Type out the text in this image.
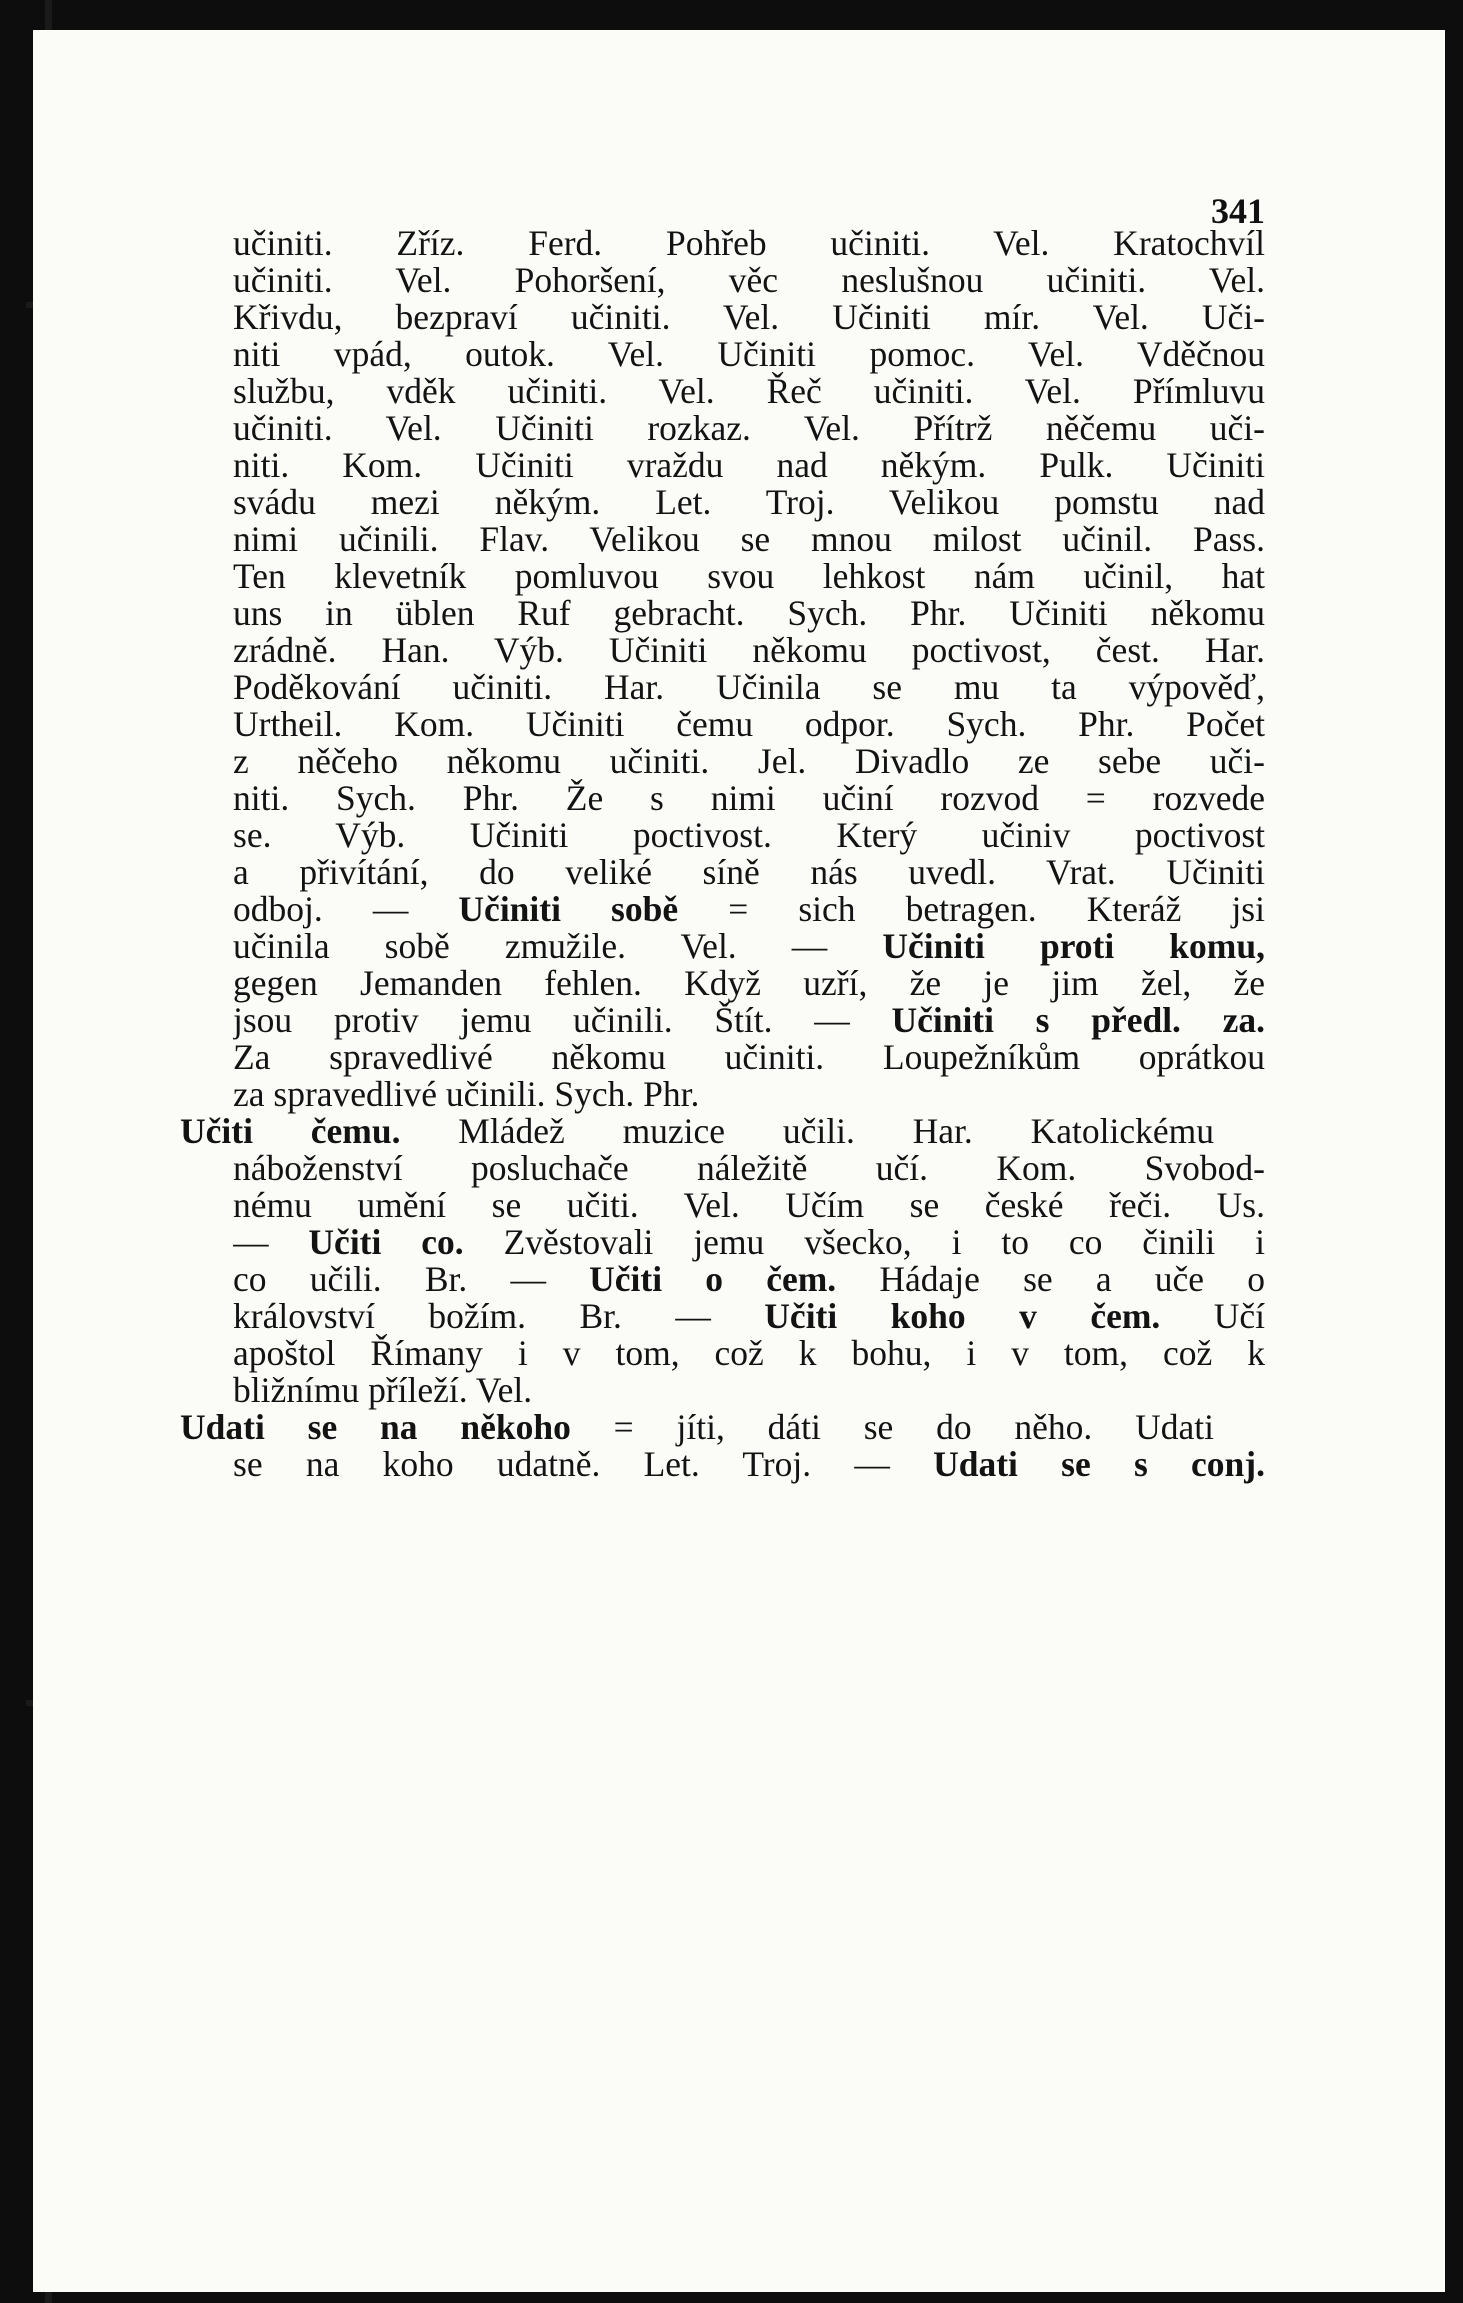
341
učiniti. Zříz. Ferd. Pohřeb učiniti. Vel. Kratochvíl
učiniti. Vel. Pohoršení, věc neslušnou učiniti. Vel.
Křivdu, bezpraví učiniti. Vel. Učiniti mír. Vel. Uči-
niti vpád, outok. Vel. Učiniti pomoc. Vel. Vděčnou
službu, vděk učiniti. Vel. Řeč učiniti. Vel. Přímluvu
učiniti. Vel. Učiniti rozkaz. Vel. Přítrž něčemu uči-
niti. Kom. Učiniti vraždu nad někým. Pulk. Učiniti
svádu mezi někým. Let. Troj. Velikou pomstu nad
nimi učinili. Flav. Velikou se mnou milost učinil. Pass.
Ten klevetník pomluvou svou lehkost nám učinil, hat
uns in üblen Ruf gebracht. Sych. Phr. Učiniti někomu
zrádně. Han. Výb. Učiniti někomu poctivost, čest. Har.
Poděkování učiniti. Har. Učinila se mu ta výpověď,
Urtheil. Kom. Učiniti čemu odpor. Sych. Phr. Počet
z něčeho někomu učiniti. Jel. Divadlo ze sebe uči-
niti. Sych. Phr. Že s nimi učiní rozvod = rozvede
se. Výb. Učiniti poctivost. Který učiniv poctivost
a přivítání, do veliké síně nás uvedl. Vrat. Učiniti
odboj. — Učiniti sobě = sich betragen. Kteráž jsi
učinila sobě zmužile. Vel. — Učiniti proti komu,
gegen Jemanden fehlen. Když uzří, že je jim žel, že
jsou protiv jemu učinili. Štít. — Učiniti s předl. za.
Za spravedlivé někomu učiniti. Loupežníkům oprátkou
za spravedlivé učinili. Sych. Phr.
Učiti čemu. Mládež muzice učili. Har. Katolickému
náboženství posluchače náležitě učí. Kom. Svobod-
nému umění se učiti. Vel. Učím se české řeči. Us.
— Učiti co. Zvěstovali jemu všecko, i to co činili i
co učili. Br. — Učiti o čem. Hádaje se a uče o
království božím. Br. — Učiti koho v čem. Učí
apoštol Římany i v tom, což k bohu, i v tom, což k
bližnímu příleží. Vel.
Udati se na někoho = jíti, dáti se do něho. Udati
se na koho udatně. Let. Troj. — Udati se s conj.
